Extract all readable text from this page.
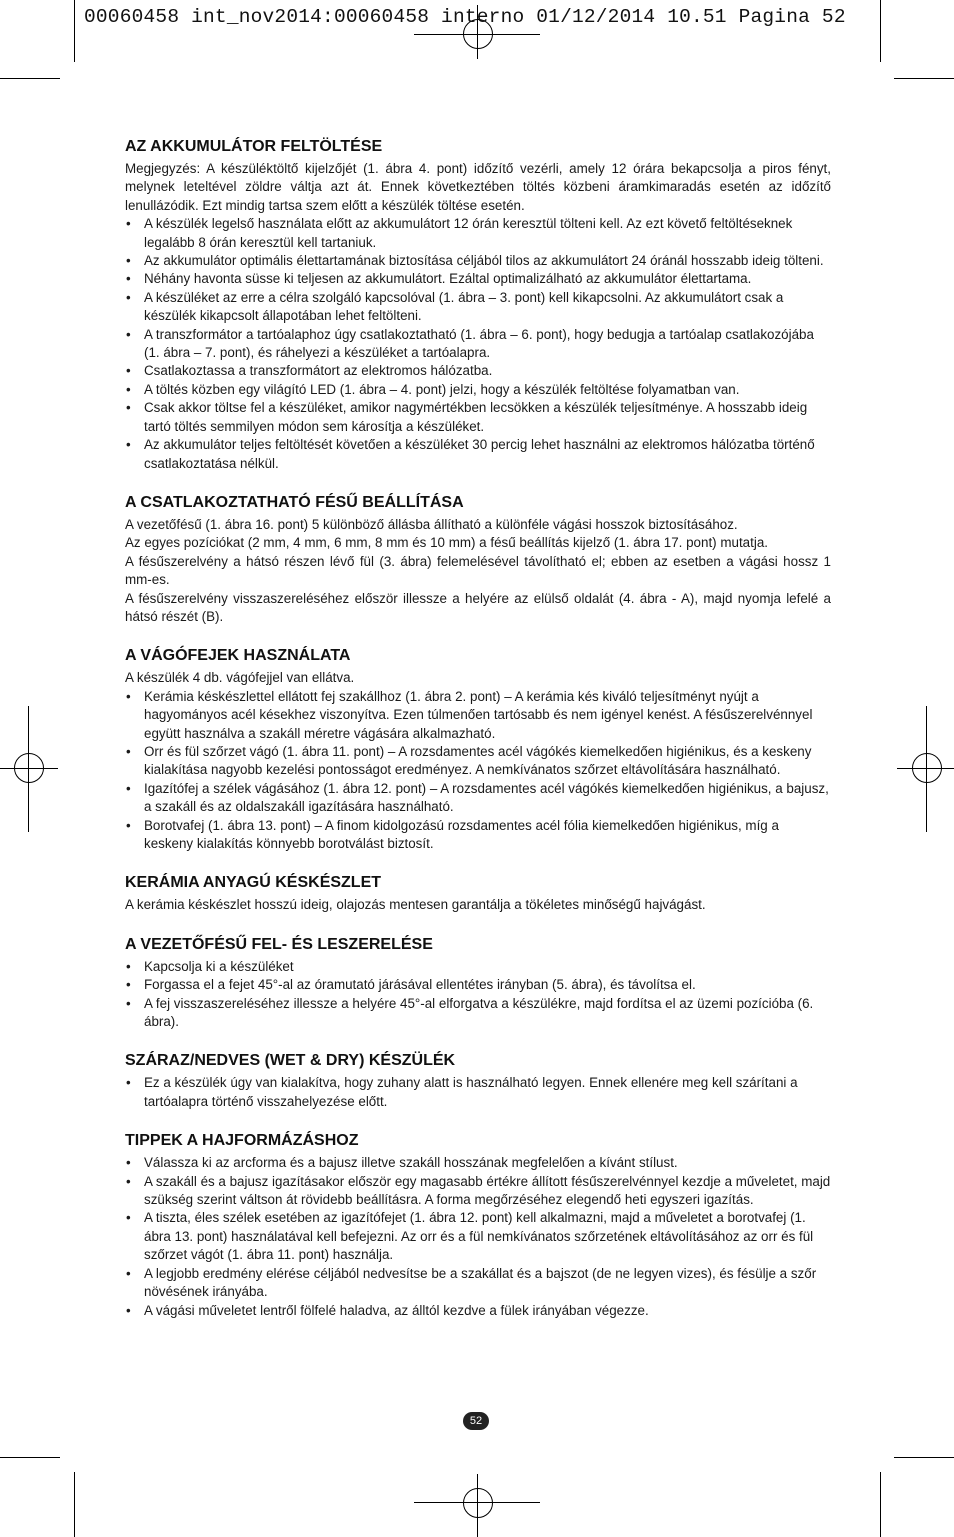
00060458 int_nov2014:00060458 interno 01/12/2014 10.51 Pagina 52
AZ AKKUMULÁTOR FELTÖLTÉSE

Megjegyzés: A készüléktöltő kijelzőjét (1. ábra 4. pont) időzítő vezérli, amely 12 órára bekapcsolja a piros fényt, melynek leteltével zöldre váltja azt át. Ennek következtében töltés közbeni áramkimaradás esetén az időzítő lenullázódik. Ezt mindig tartsa szem előtt a készülék töltése esetén.

• A készülék legelső használata előtt az akkumulátort 12 órán keresztül tölteni kell. Az ezt követő feltöltéseknek legalább 8 órán keresztül kell tartaniuk.
• Az akkumulátor optimális élettartamának biztosítása céljából tilos az akkumulátort 24 óránál hosszabb ideig tölteni.
• Néhány havonta süsse ki teljesen az akkumulátort. Ezáltal optimalizálható az akkumulátor élettartama.
• A készüléket az erre a célra szolgáló kapcsolóval (1. ábra – 3. pont) kell kikapcsolni. Az akkumulátort csak a készülék kikapcsolt állapotában lehet feltölteni.
• A transzformátor a tartóalaphoz úgy csatlakoztatható (1. ábra – 6. pont), hogy bedugja a tartóalap csatlakozójába (1. ábra – 7. pont), és ráhelyezi a készüléket a tartóalapra.
• Csatlakoztassa a transzformátort az elektromos hálózatba.
• A töltés közben egy világító LED (1. ábra – 4. pont) jelzi, hogy a készülék feltöltése folyamatban van.
• Csak akkor töltse fel a készüléket, amikor nagymértékben lecsökken a készülék teljesítménye. A hosszabb ideig tartó töltés semmilyen módon sem károsítja a készüléket.
• Az akkumulátor teljes feltöltését követően a készüléket 30 percig lehet használni az elektromos hálózatba történő csatlakoztatása nélkül.
A CSATLAKOZTATHATÓ FÉSŰ BEÁLLÍTÁSA

A vezetőfésű (1. ábra 16. pont) 5 különböző állásba állítható a különféle vágási hosszok biztosításához.

Az egyes pozíciókat (2 mm, 4 mm, 6 mm, 8 mm és 10 mm) a fésű beállítás kijelző (1. ábra 17. pont) mutatja.

A fésűszerelvény a hátsó részen lévő fül (3. ábra) felemelésével távolítható el; ebben az esetben a vágási hossz 1 mm-es.

A fésűszerelvény visszaszereléséhez először illessze a helyére az elülső oldalát (4. ábra - A), majd nyomja lefelé a hátsó részét (B).

A VÁGÓFEJEK HASZNÁLATA

A készülék 4 db. vágófejjel van ellátva.

• Kerámia késkészlettel ellátott fej szakállhoz (1. ábra 2. pont) – A kerámia kés kiváló teljesítményt nyújt a hagyományos acél késekhez viszonyítva. Ezen túlmenően tartósabb és nem igényel kenést. A fésűszerelvénnyel együtt használva a szakáll méretre vágására alkalmazható.
• Orr és fül szőrzet vágó (1. ábra 11. pont) – A rozsdamentes acél vágókés kiemelkedően higiénikus, és a keskeny kialakítása nagyobb kezelési pontosságot eredményez. A nemkívánatos szőrzet eltávolítására használható.
• Igazítófej a szélek vágásához (1. ábra 12. pont) – A rozsdamentes acél vágókés kiemelkedően higiénikus, a bajusz, a szakáll és az oldalszakáll igazítására használható.
• Borotvafej (1. ábra 13. pont) – A finom kidolgozású rozsdamentes acél fólia kiemelkedően higiénikus, míg a keskeny kialakítás könnyebb borotválást biztosít.
KERÁMIA ANYAGÚ KÉSKÉSZLET

A kerámia késkészlet hosszú ideig, olajozás mentesen garantálja a tökéletes minőségű hajvágást.

A VEZETŐFÉSŰ FEL- ÉS LESZERELÉSE
• Kapcsolja ki a készüléket
• Forgassa el a fejet 45°-al az óramutató járásával ellentétes irányban (5. ábra), és távolítsa el.
• A fej visszaszereléséhez illessze a helyére 45°-al elforgatva a készülékre, majd fordítsa el az üzemi pozícióba (6. ábra).
SZÁRAZ/NEDVES (WET & DRY) KÉSZÜLÉK
• Ez a készülék úgy van kialakítva, hogy zuhany alatt is használható legyen. Ennek ellenére meg kell szárítani a tartóalapra történő visszahelyezése előtt.
TIPPEK A HAJFORMÁZÁSHOZ
• Válassza ki az arcforma és a bajusz illetve szakáll hosszának megfelelően a kívánt stílust.
• A szakáll és a bajusz igazításakor először egy magasabb értékre állított fésűszerelvénnyel kezdje a műveletet, majd szükség szerint váltson át rövidebb beállításra. A forma megőrzéséhez elegendő heti egyszeri igazítás.
• A tiszta, éles szélek esetében az igazítófejet (1. ábra 12. pont) kell alkalmazni, majd a műveletet a borotvafej (1. ábra 13. pont) használatával kell befejezni. Az orr és a fül nemkívánatos szőrzetének eltávolításához az orr és fül szőrzet vágót (1. ábra 11. pont) használja.
• A legjobb eredmény elérése céljából nedvesítse be a szakállat és a bajszot (de ne legyen vizes), és fésülje a szőr növésének irányába.
• A vágási műveletet lentről fölfelé haladva, az álltól kezdve a fülek irányában végezze.
52
